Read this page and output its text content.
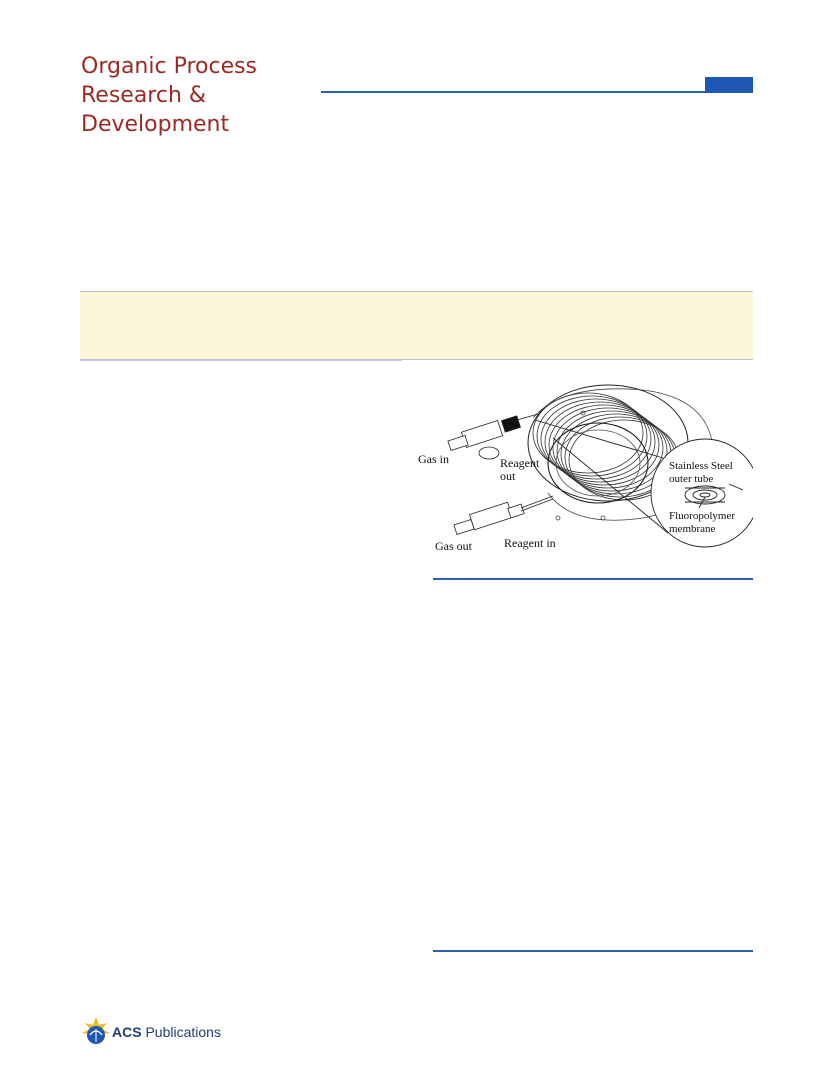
Organic Process
Research &
Development
Gas in	Reagent
out
Gas out	Reagent in
Stainless Steel
outer tube
Fluoropolymer
membrane
ACS Publications
